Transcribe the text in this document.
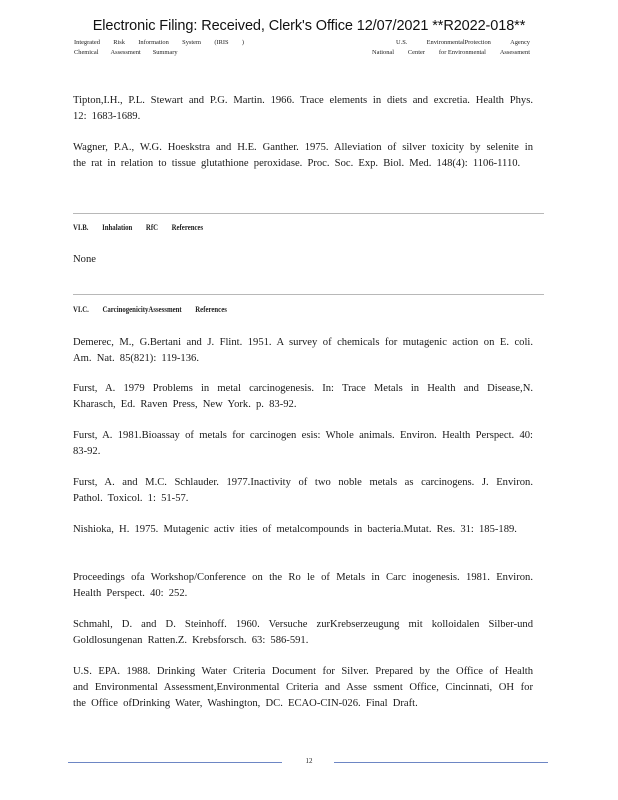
Electronic Filing: Received, Clerk's Office 12/07/2021 **R2022-018**
Integrated Risk Information System (IRIS )
Chemical Assessment Summary
U.S.	EnvironmentalProtection	Agency
National Center for Environmental Assessment
Tipton,I.H., P.L. Stewart and P.G. Martin. 1966. Trace elements in diets and excretia. Health Phys. 12: 1683-1689.
Wagner, P.A., W.G. Hoeskstra and H.E. Ganther. 1975. Alleviation of silver toxicity by selenite in the rat in relation to tissue glutathione peroxidase. Proc. Soc. Exp. Biol. Med. 148(4): 1106-1110.
VI.B. Inhalation RfC References
None
VI.C. CarcinogenicityAssessment References
Demerec, M., G.Bertani and J. Flint. 1951. A survey of chemicals for mutagenic action on E. coli. Am. Nat. 85(821): 119-136.
Furst, A. 1979 Problems in metal carcinogenesis. In: Trace Metals in Health and Disease,N. Kharasch, Ed. Raven Press, New York. p. 83-92.
Furst, A. 1981.Bioassay of metals for carcinogen esis: Whole animals. Environ. Health Perspect. 40: 83-92.
Furst, A. and M.C. Schlauder. 1977.Inactivity of two noble metals as carcinogens. J. Environ. Pathol. Toxicol. 1: 51-57.
Nishioka, H. 1975. Mutagenic activ ities of metalcompounds in bacteria.Mutat. Res. 31: 185-189.
Proceedings ofa Workshop/Conference on the Ro le of Metals in Carc inogenesis. 1981. Environ. Health Perspect. 40: 252.
Schmahl, D. and D. Steinhoff. 1960. Versuche zurKrebserzeugung mit kolloidalen Silber-und Goldlosungenan Ratten.Z. Krebsforsch. 63: 586-591.
U.S. EPA. 1988. Drinking Water Criteria Document for Silver. Prepared by the Office of Health and Environmental Assessment,Environmental Criteria and Asse ssment Office, Cincinnati, OH for the Office ofDrinking Water, Washington, DC. ECAO-CIN-026. Final Draft.
12
